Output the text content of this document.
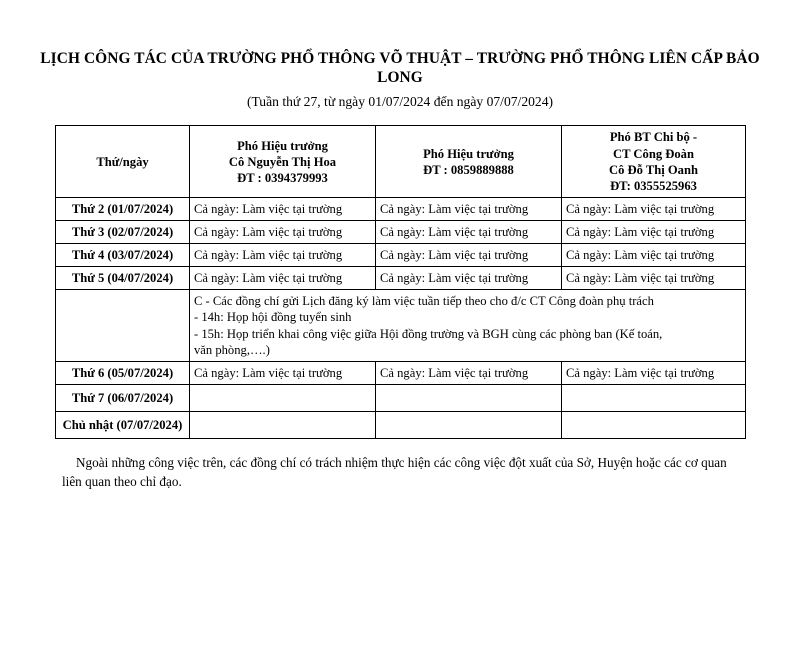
LỊCH CÔNG TÁC CỦA TRƯỜNG PHỔ THÔNG VÕ THUẬT – TRƯỜNG PHỔ THÔNG LIÊN CẤP BẢO LONG
(Tuần thứ 27, từ ngày 01/07/2024 đến ngày 07/07/2024)
Thứ/ngày	Phó Hiệu trưởng
Cô Nguyễn Thị Hoa
ĐT : 0394379993	Phó Hiệu trưởng
ĐT : 0859889888	Phó BT Chi bộ -
CT Công Đoàn
Cô Đỗ Thị Oanh
ĐT: 0355525963

Thứ 2 (01/07/2024)	Cả ngày: Làm việc tại trường	Cả ngày: Làm việc tại trường	Cả ngày: Làm việc tại trường
Thứ 3 (02/07/2024)	Cả ngày: Làm việc tại trường	Cả ngày: Làm việc tại trường	Cả ngày: Làm việc tại trường
Thứ 4 (03/07/2024)	Cả ngày: Làm việc tại trường	Cả ngày: Làm việc tại trường	Cả ngày: Làm việc tại trường
Thứ 5 (04/07/2024)	Cả ngày: Làm việc tại trường	Cả ngày: Làm việc tại trường	Cả ngày: Làm việc tại trường

	C - Các đồng chí gửi Lịch đăng ký làm việc tuần tiếp theo cho đ/c CT Công đoàn phụ trách
- 14h: Họp hội đồng tuyển sinh
- 15h: Họp triển khai công việc giữa Hội đồng trường và BGH cùng các phòng ban (Kế toán,
văn phòng,….)		

Thứ 6 (05/07/2024)	Cả ngày: Làm việc tại trường	Cả ngày: Làm việc tại trường	Cả ngày: Làm việc tại trường
Thứ 7 (06/07/2024)			
Chủ nhật (07/07/2024)			
Ngoài những công việc trên, các đồng chí có trách nhiệm thực hiện các công việc đột xuất của Sở, Huyện hoặc các cơ quan liên quan theo chỉ đạo.
